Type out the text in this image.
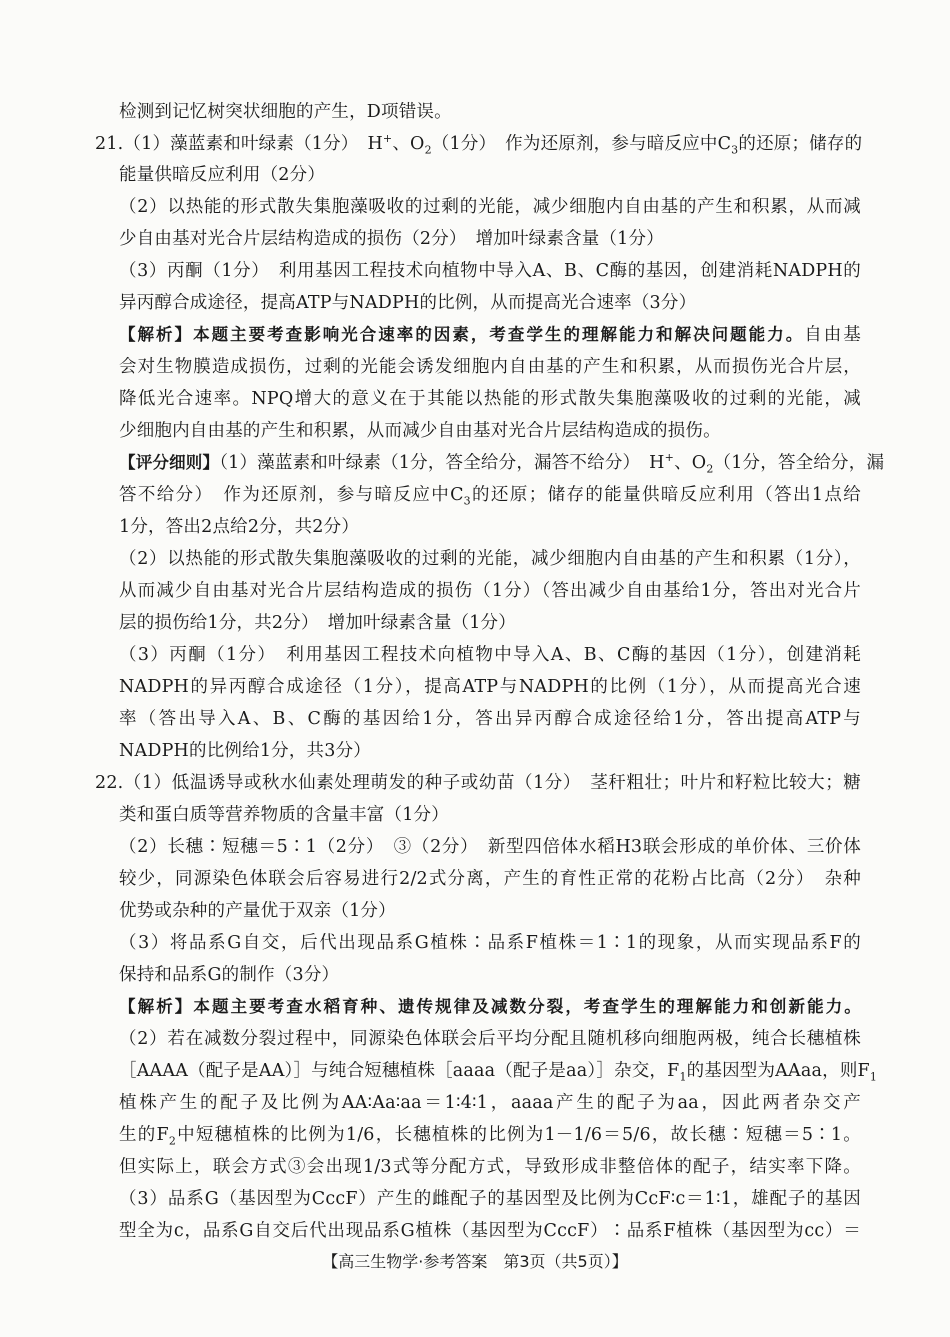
检测到记忆树突状细胞的产生，D项错误。
21.（1）藻蓝素和叶绿素（1分）　H+、$O_2(1$分）　作为还原剂，参与暗反应中$C_3$的还原；储存的
能量供暗反应利用（2分）
（2）以热能的形式散失集胞藻吸收的过剩的光能，减少细胞内自由基的产生和积累，从而减
少自由基对光合片层结构造成的损伤（2分）　增加叶绿素含量（1分）
（3）丙酮（1分）　利用基因工程技术向植物中导入A、B、C酶的基因，创建消耗NADPH的
异丙醇合成途径，提高ATP与NADPH的比例，从而提高光合速率（3分）
【解析】本题主要考查影响光合速率的因素，考查学生的理解能力和解决问题能力。自由基
会对生物膜造成损伤，过剩的光能会诱发细胞内自由基的产生和积累，从而损伤光合片层，
降低光合速率。NPQ增大的意义在于其能以热能的形式散失集胞藻吸收的过剩的光能，减
少细胞内自由基的产生和积累，从而减少自由基对光合片层结构造成的损伤。
【评分细则】（1）藻蓝素和叶绿素（1分，答全给分，漏答不给分）　H+、$O_2(1$分，答全给分，漏
答不给分）　作为还原剂，参与暗反应中$C_3$的还原；储存的能量供暗反应利用（答出1点给
1分，答出2点给2分，共2分）
（2）以热能的形式散失集胞藻吸收的过剩的光能，减少细胞内自由基的产生和积累（1分），
从而减少自由基对光合片层结构造成的损伤（1分）（答出减少自由基给1分，答出对光合片
层的损伤给1分，共2分）　增加叶绿素含量（1分）
（3）丙酮（1分）　利用基因工程技术向植物中导入A、B、C酶的基因（1分），创建消耗
NADPH的异丙醇合成途径（1分），提高ATP与NADPH的比例（1分），从而提高光合速
率（答出导入A、B、C酶的基因给1分，答出异丙醇合成途径给1分，答出提高ATP与
NADPH的比例给1分，共3分）
22.（1）低温诱导或秋水仙素处理萌发的种子或幼苗（1分）　茎秆粗壮；叶片和籽粒比较大；糖
类和蛋白质等营养物质的含量丰富（1分）
（2）长穗∶短穗＝5∶1（2分）　③（2分）　新型四倍体水稻H3联会形成的单价体、三价体
较少，同源染色体联会后容易进行2/2式分离，产生的育性正常的花粉占比高（2分）　杂种
优势或杂种的产量优于双亲（1分）
（3）将品系G自交，后代出现品系G植株∶品系F植株＝1∶1的现象，从而实现品系F的
保持和品系G的制作（3分）
【解析】本题主要考查水稻育种、遗传规律及减数分裂，考查学生的理解能力和创新能力。
（2）若在减数分裂过程中，同源染色体联会后平均分配且随机移向细胞两极，纯合长穗植株
［AAAA（配子是AA）］与纯合短穗植株［aaaa（配子是aa）］杂交，$F_1$的基因型为AAaa，则$F_1$
植株产生的配子及比例为AA∶Aa∶aa＝1∶4∶1，aaaa产生的配子为aa，因此两者杂交产
生的$F_2$中短穗植株的比例为1/6，长穗植株的比例为1－1/6＝5/6，故长穗∶短穗＝5∶1。
但实际上，联会方式③会出现1/3式等分配方式，导致形成非整倍体的配子，结实率下降。
（3）品系G（基因型为CccF）产生的雌配子的基因型及比例为CcF∶c＝1∶1，雄配子的基因
型全为c，品系G自交后代出现品系G植株（基因型为CccF）∶品系F植株（基因型为cc）＝
【高三生物学·参考答案　第3页（共5页）】
